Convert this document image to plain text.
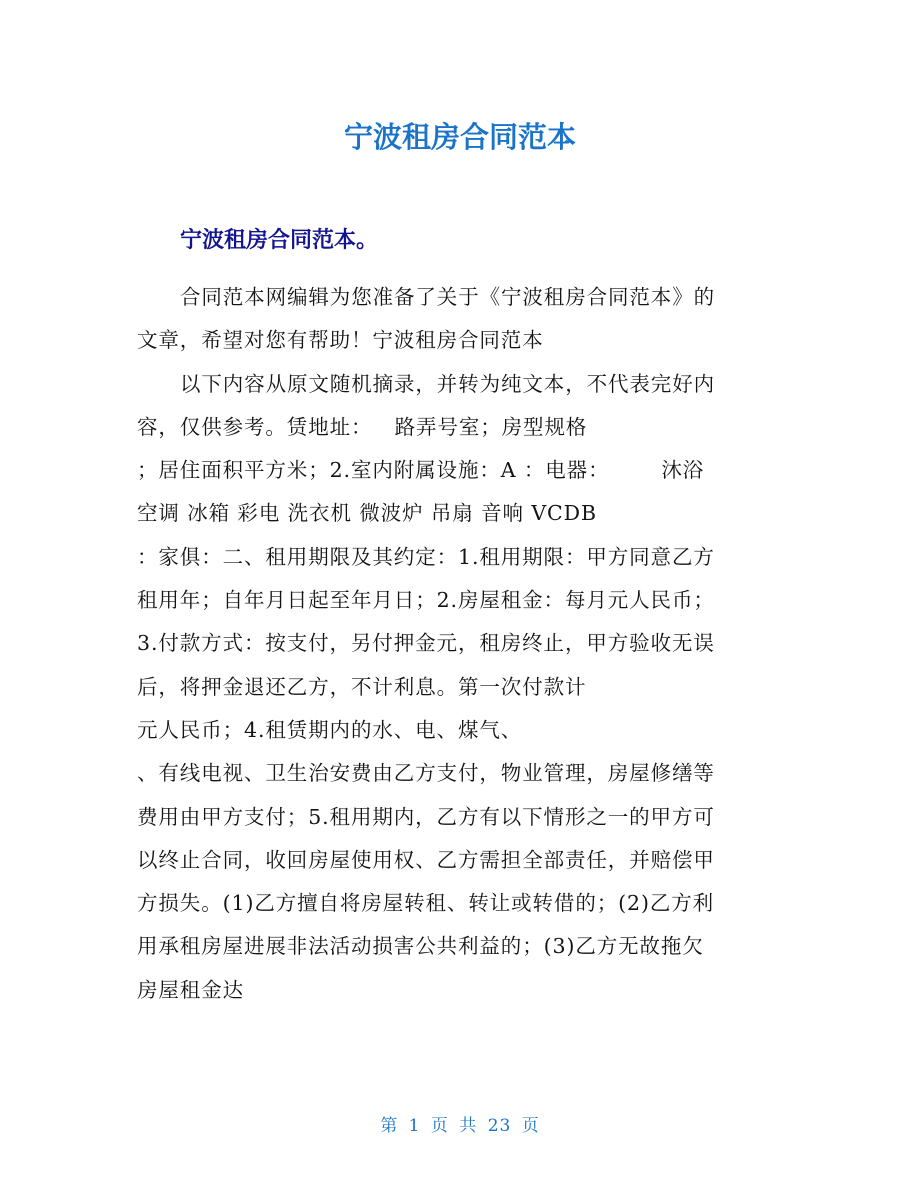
宁波租房合同范本
宁波租房合同范本。
合同范本网编辑为您准备了关于《宁波租房合同范本》的
文章，希望对您有帮助！宁波租房合同范本
以下内容从原文随机摘录，并转为纯文本，不代表完好内
容，仅供参考。赁地址：   路弄号室；房型规格
；居住面积平方米；2.室内附属设施：A ：电器：       沐浴
空调 冰箱 彩电 洗衣机 微波炉 吊扇 音响 VCDB
：家俱：二、租用期限及其约定：1.租用期限：甲方同意乙方
租用年；自年月日起至年月日；2.房屋租金：每月元人民币；
3.付款方式：按支付，另付押金元，租房终止，甲方验收无误
后，将押金退还乙方，不计利息。第一次付款计
元人民币；4.租赁期内的水、电、煤气、
、有线电视、卫生治安费由乙方支付，物业管理，房屋修缮等
费用由甲方支付；5.租用期内，乙方有以下情形之一的甲方可
以终止合同，收回房屋使用权、乙方需担全部责任，并赔偿甲
方损失。(1)乙方擅自将房屋转租、转让或转借的；(2)乙方利
用承租房屋进展非法活动损害公共利益的；(3)乙方无故拖欠
房屋租金达
第 1 页 共 23 页
